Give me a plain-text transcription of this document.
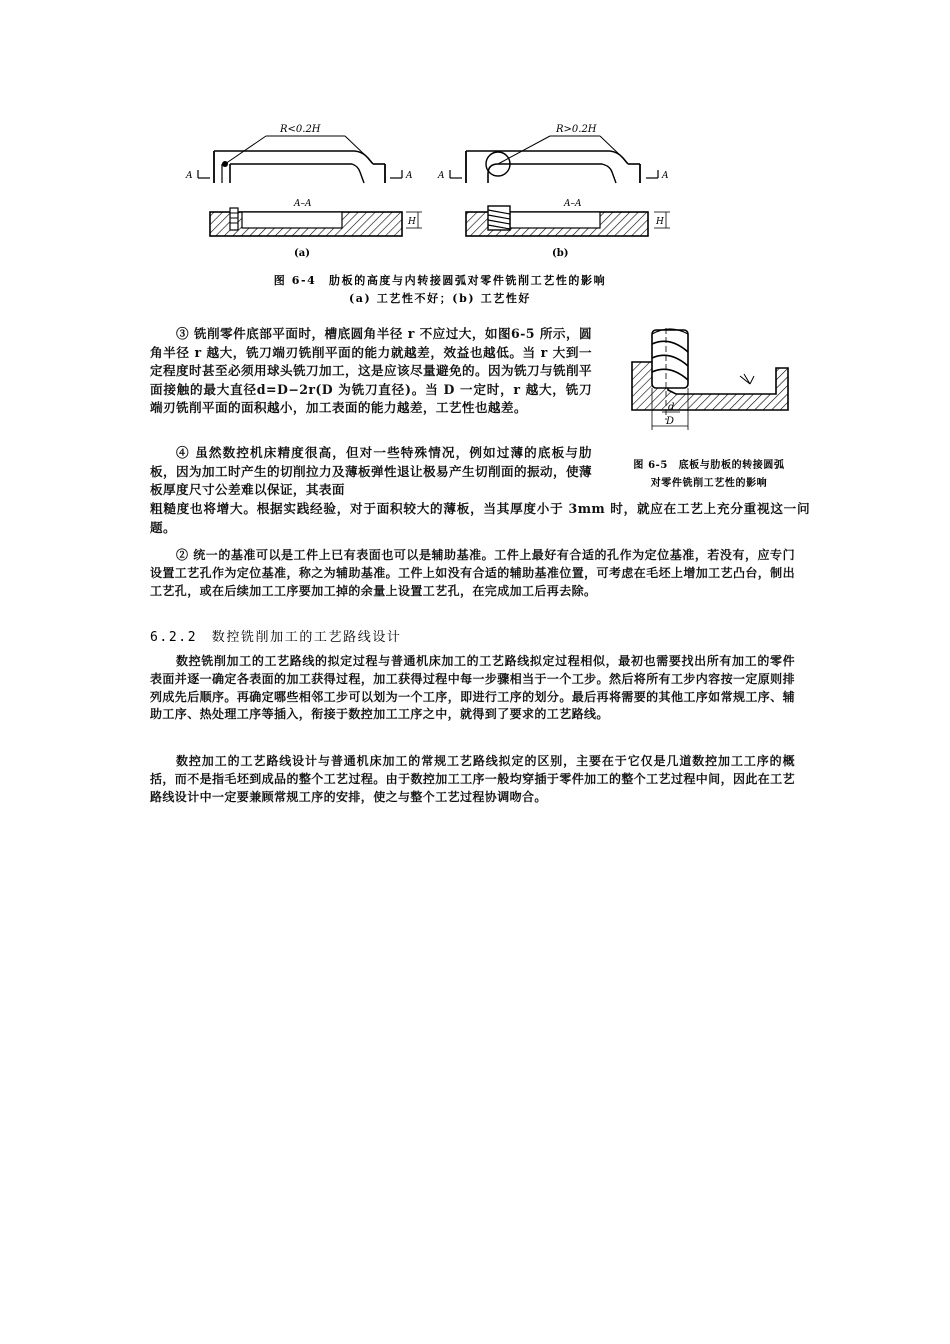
R<0.2H
A	A
A–A
H
(a)
R>0.2H
A	A
A–A
H
(b)
图 6-4　肋板的高度与内转接圆弧对零件铣削工艺性的影响
(a) 工艺性不好；(b) 工艺性好
d
D
图 6-5　底板与肋板的转接圆弧
对零件铣削工艺性的影响
③ 铣削零件底部平面时，槽底圆角半径 r 不应过大，如图6-5 所示，圆角半径 r 越大，铣刀端刃铣削平面的能力就越差，效益也越低。当 r 大到一定程度时甚至必须用球头铣刀加工，这是应该尽量避免的。因为铣刀与铣削平面接触的最大直径d=D−2r(D 为铣刀直径)。当 D 一定时，r 越大，铣刀端刃铣削平面的面积越小，加工表面的能力越差，工艺性也越差。
④ 虽然数控机床精度很高，但对一些特殊情况，例如过薄的底板与肋板，因为加工时产生的切削拉力及薄板弹性退让极易产生切削面的振动，使薄板厚度尺寸公差难以保证，其表面
粗糙度也将增大。根据实践经验，对于面积较大的薄板，当其厚度小于 3mm 时，就应在工艺上充分重视这一问题。
② 统一的基准可以是工件上已有表面也可以是辅助基准。工件上最好有合适的孔作为定位基准，若没有，应专门设置工艺孔作为定位基准，称之为辅助基准。工件上如没有合适的辅助基准位置，可考虑在毛坯上增加工艺凸台，制出工艺孔，或在后续加工工序要加工掉的余量上设置工艺孔，在完成加工后再去除。
6.2.2　数控铣削加工的工艺路线设计
数控铣削加工的工艺路线的拟定过程与普通机床加工的工艺路线拟定过程相似，最初也需要找出所有加工的零件表面并逐一确定各表面的加工获得过程，加工获得过程中每一步骤相当于一个工步。然后将所有工步内容按一定原则排列成先后顺序。再确定哪些相邻工步可以划为一个工序，即进行工序的划分。最后再将需要的其他工序如常规工序、辅助工序、热处理工序等插入，衔接于数控加工工序之中，就得到了要求的工艺路线。
数控加工的工艺路线设计与普通机床加工的常规工艺路线拟定的区别，主要在于它仅是几道数控加工工序的概括，而不是指毛坯到成品的整个工艺过程。由于数控加工工序一般均穿插于零件加工的整个工艺过程中间，因此在工艺路线设计中一定要兼顾常规工序的安排，使之与整个工艺过程协调吻合。
